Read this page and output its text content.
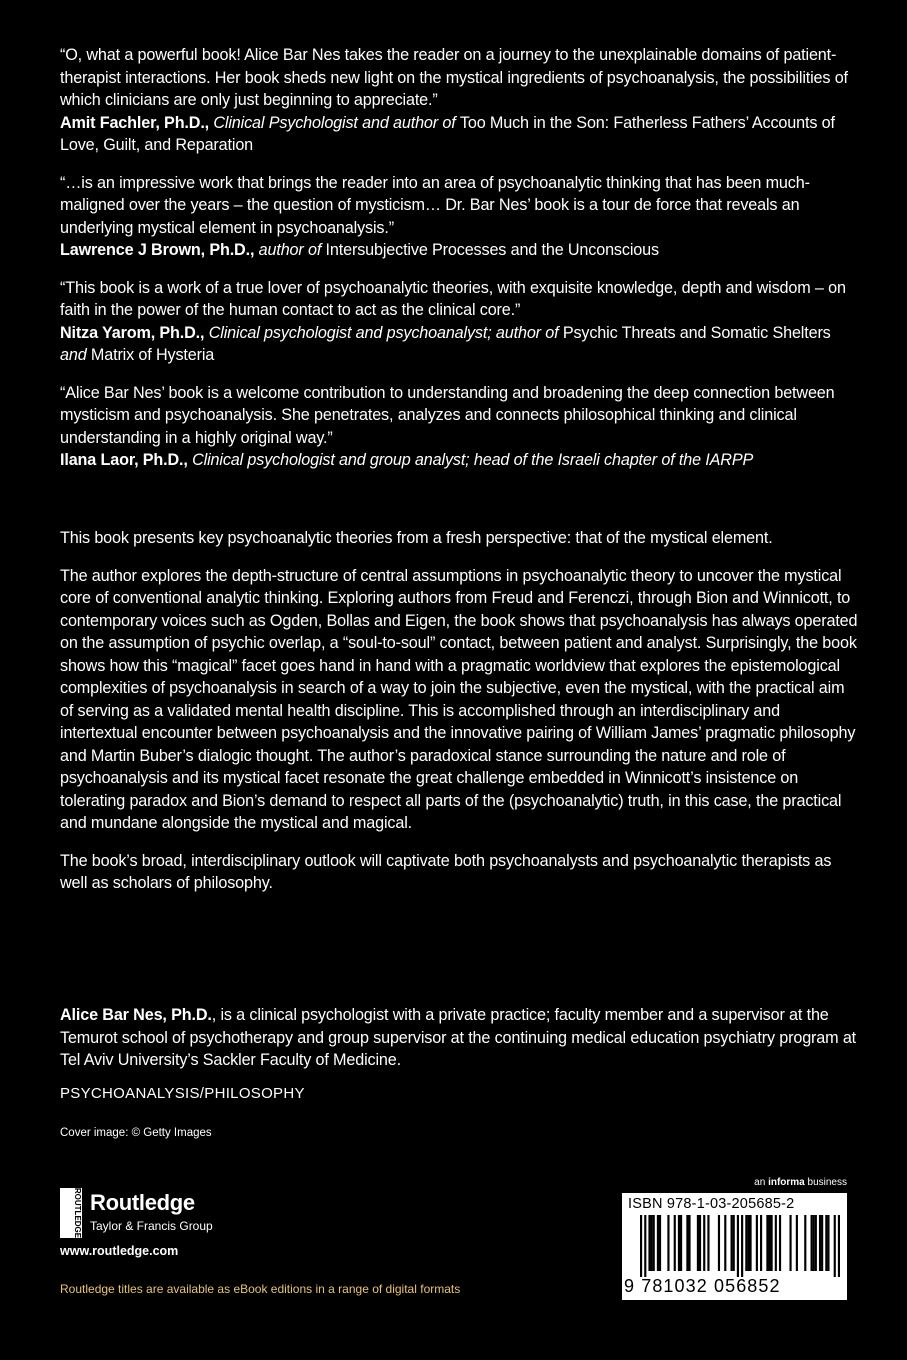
“O, what a powerful book! Alice Bar Nes takes the reader on a journey to the unexplainable domains of patient-therapist interactions. Her book sheds new light on the mystical ingredients of psychoanalysis, the possibilities of which clinicians are only just beginning to appreciate.”

Amit Fachler, Ph.D., Clinical Psychologist and author of Too Much in the Son: Fatherless Fathers’ Accounts of Love, Guilt, and Reparation

“…is an impressive work that brings the reader into an area of psychoanalytic thinking that has been much-maligned over the years – the question of mysticism… Dr. Bar Nes’ book is a tour de force that reveals an underlying mystical element in psychoanalysis.”

Lawrence J Brown, Ph.D., author of Intersubjective Processes and the Unconscious

“This book is a work of a true lover of psychoanalytic theories, with exquisite knowledge, depth and wisdom – on faith in the power of the human contact to act as the clinical core.”

Nitza Yarom, Ph.D., Clinical psychologist and psychoanalyst; author of Psychic Threats and Somatic Shelters and Matrix of Hysteria

“Alice Bar Nes’ book is a welcome contribution to understanding and broadening the deep connection between mysticism and psychoanalysis. She penetrates, analyzes and connects philosophical thinking and clinical understanding in a highly original way.”

Ilana Laor, Ph.D., Clinical psychologist and group analyst; head of the Israeli chapter of the IARPP

This book presents key psychoanalytic theories from a fresh perspective: that of the mystical element.

The author explores the depth-structure of central assumptions in psychoanalytic theory to uncover the mystical core of conventional analytic thinking. Exploring authors from Freud and Ferenczi, through Bion and Winnicott, to contemporary voices such as Ogden, Bollas and Eigen, the book shows that psychoanalysis has always operated on the assumption of psychic overlap, a “soul-to-soul” contact, between patient and analyst. Surprisingly, the book shows how this “magical” facet goes hand in hand with a pragmatic worldview that explores the epistemological complexities of psychoanalysis in search of a way to join the subjective, even the mystical, with the practical aim of serving as a validated mental health discipline. This is accomplished through an interdisciplinary and intertextual encounter between psychoanalysis and the innovative pairing of William James’ pragmatic philosophy and Martin Buber’s dialogic thought. The author’s paradoxical stance surrounding the nature and role of psychoanalysis and its mystical facet resonate the great challenge embedded in Winnicott’s insistence on tolerating paradox and Bion’s demand to respect all parts of the (psychoanalytic) truth, in this case, the practical and mundane alongside the mystical and magical.

The book’s broad, interdisciplinary outlook will captivate both psychoanalysts and psychoanalytic therapists as well as scholars of philosophy.

Alice Bar Nes, Ph.D., is a clinical psychologist with a private practice; faculty member and a supervisor at the Temurot school of psychotherapy and group supervisor at the continuing medical education psychiatry program at Tel Aviv University’s Sackler Faculty of Medicine.

PSYCHOANALYSIS/PHILOSOPHY
Cover image: © Getty Images
ROUTLEDGE Routledge
Taylor & Francis Group
www.routledge.com
Routledge titles are available as eBook editions in a range of digital formats
an informa business
ISBN 978-1-03-205685-2
9 781032 056852
